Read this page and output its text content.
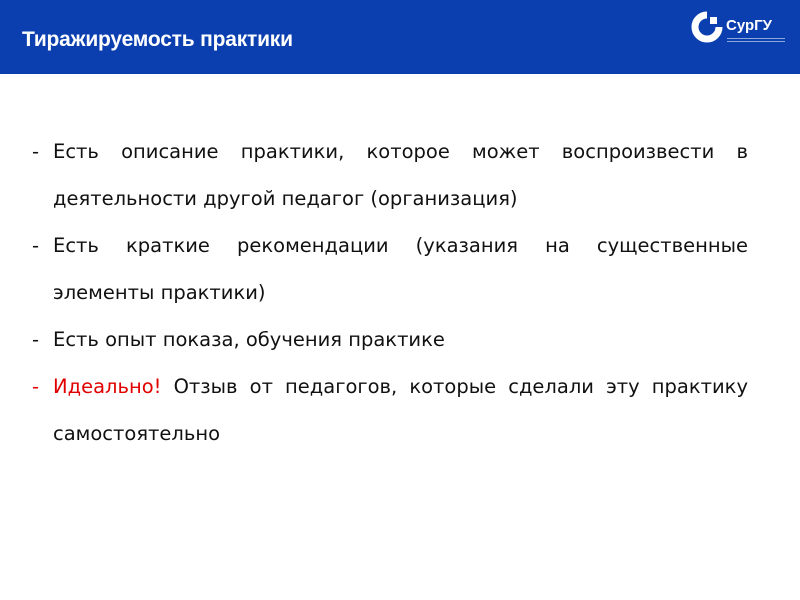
Тиражируемость практики
СурГУ
- Есть описание практики, которое может воспроизвести в деятельности другой педагог (организация)
- Есть краткие рекомендации (указания на существенные элементы практики)
- Есть опыт показа, обучения практике
- Идеально! Отзыв от педагогов, которые сделали эту практику самостоятельно
